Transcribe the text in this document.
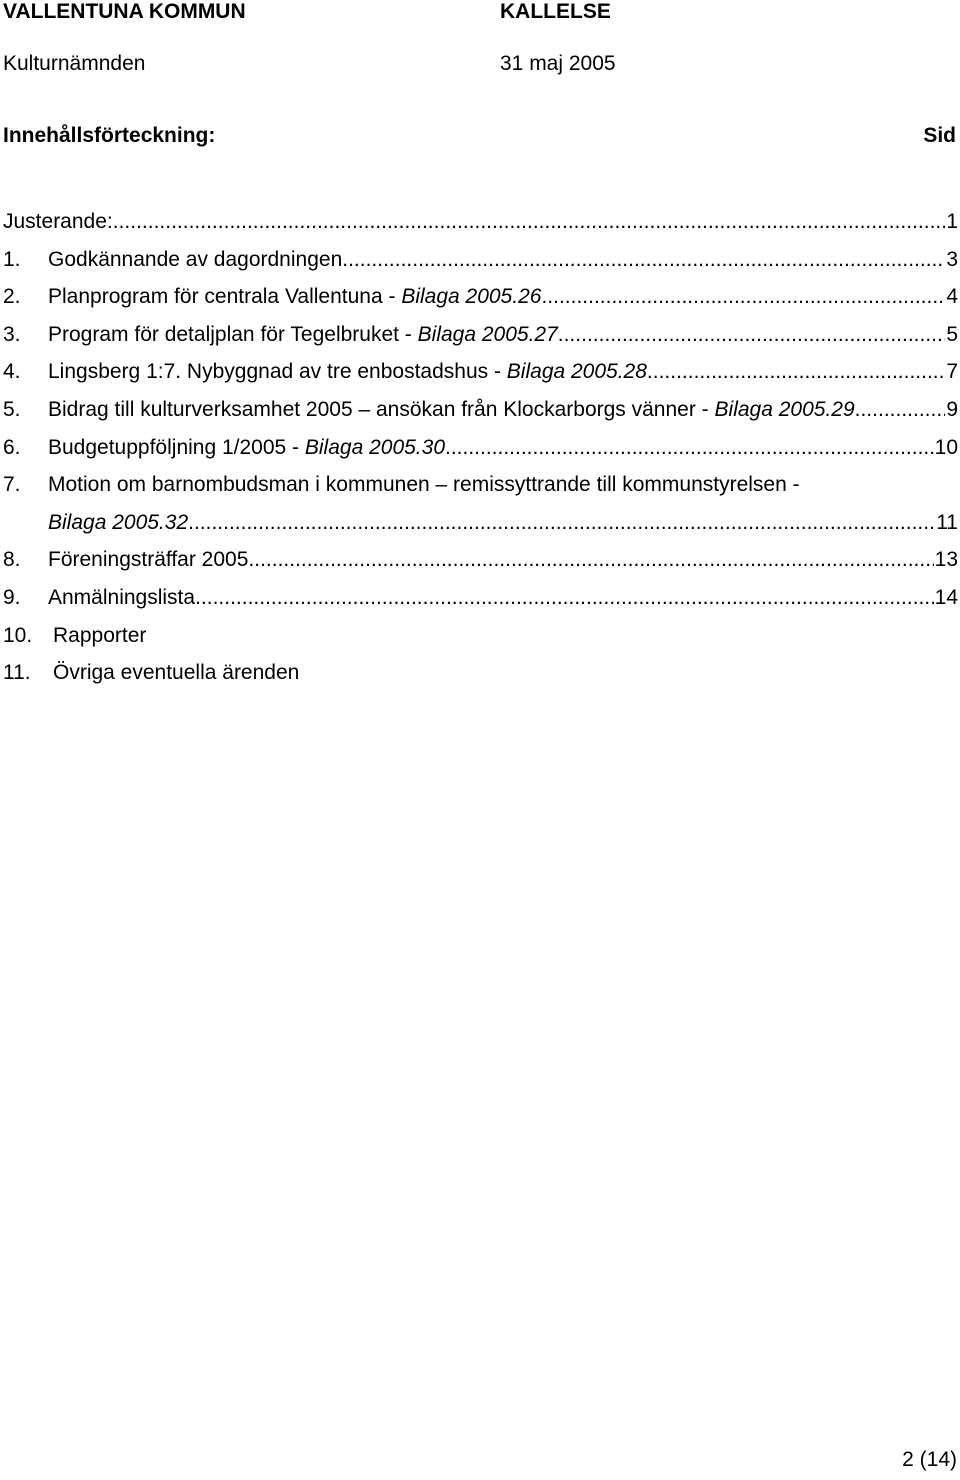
VALLENTUNA KOMMUN	KALLELSE
Kulturnämnden	31 maj 2005
Innehållsförteckning:	Sid
Justerande: .....	1
1.	Godkännande av dagordningen .....	3
2.	Planprogram för centrala Vallentuna - Bilaga 2005.26 .....	4
3.	Program för detaljplan för Tegelbruket - Bilaga 2005.27 .....	5
4.	Lingsberg 1:7. Nybyggnad av tre enbostadshus - Bilaga 2005.28 .....	7
5.	Bidrag till kulturverksamhet 2005 – ansökan från Klockarborgs vänner - Bilaga 2005.29 .....	9
6.	Budgetuppföljning 1/2005 - Bilaga 2005.30 .....	10
7.	Motion om barnombudsman i kommunen – remissyttrande till kommunstyrelsen -
Bilaga 2005.32 .....	11
8.	Föreningsträffar 2005 .....	13
9.	Anmälningslista .....	14
10. Rapporter
11.	Övriga eventuella ärenden
2 (14)
